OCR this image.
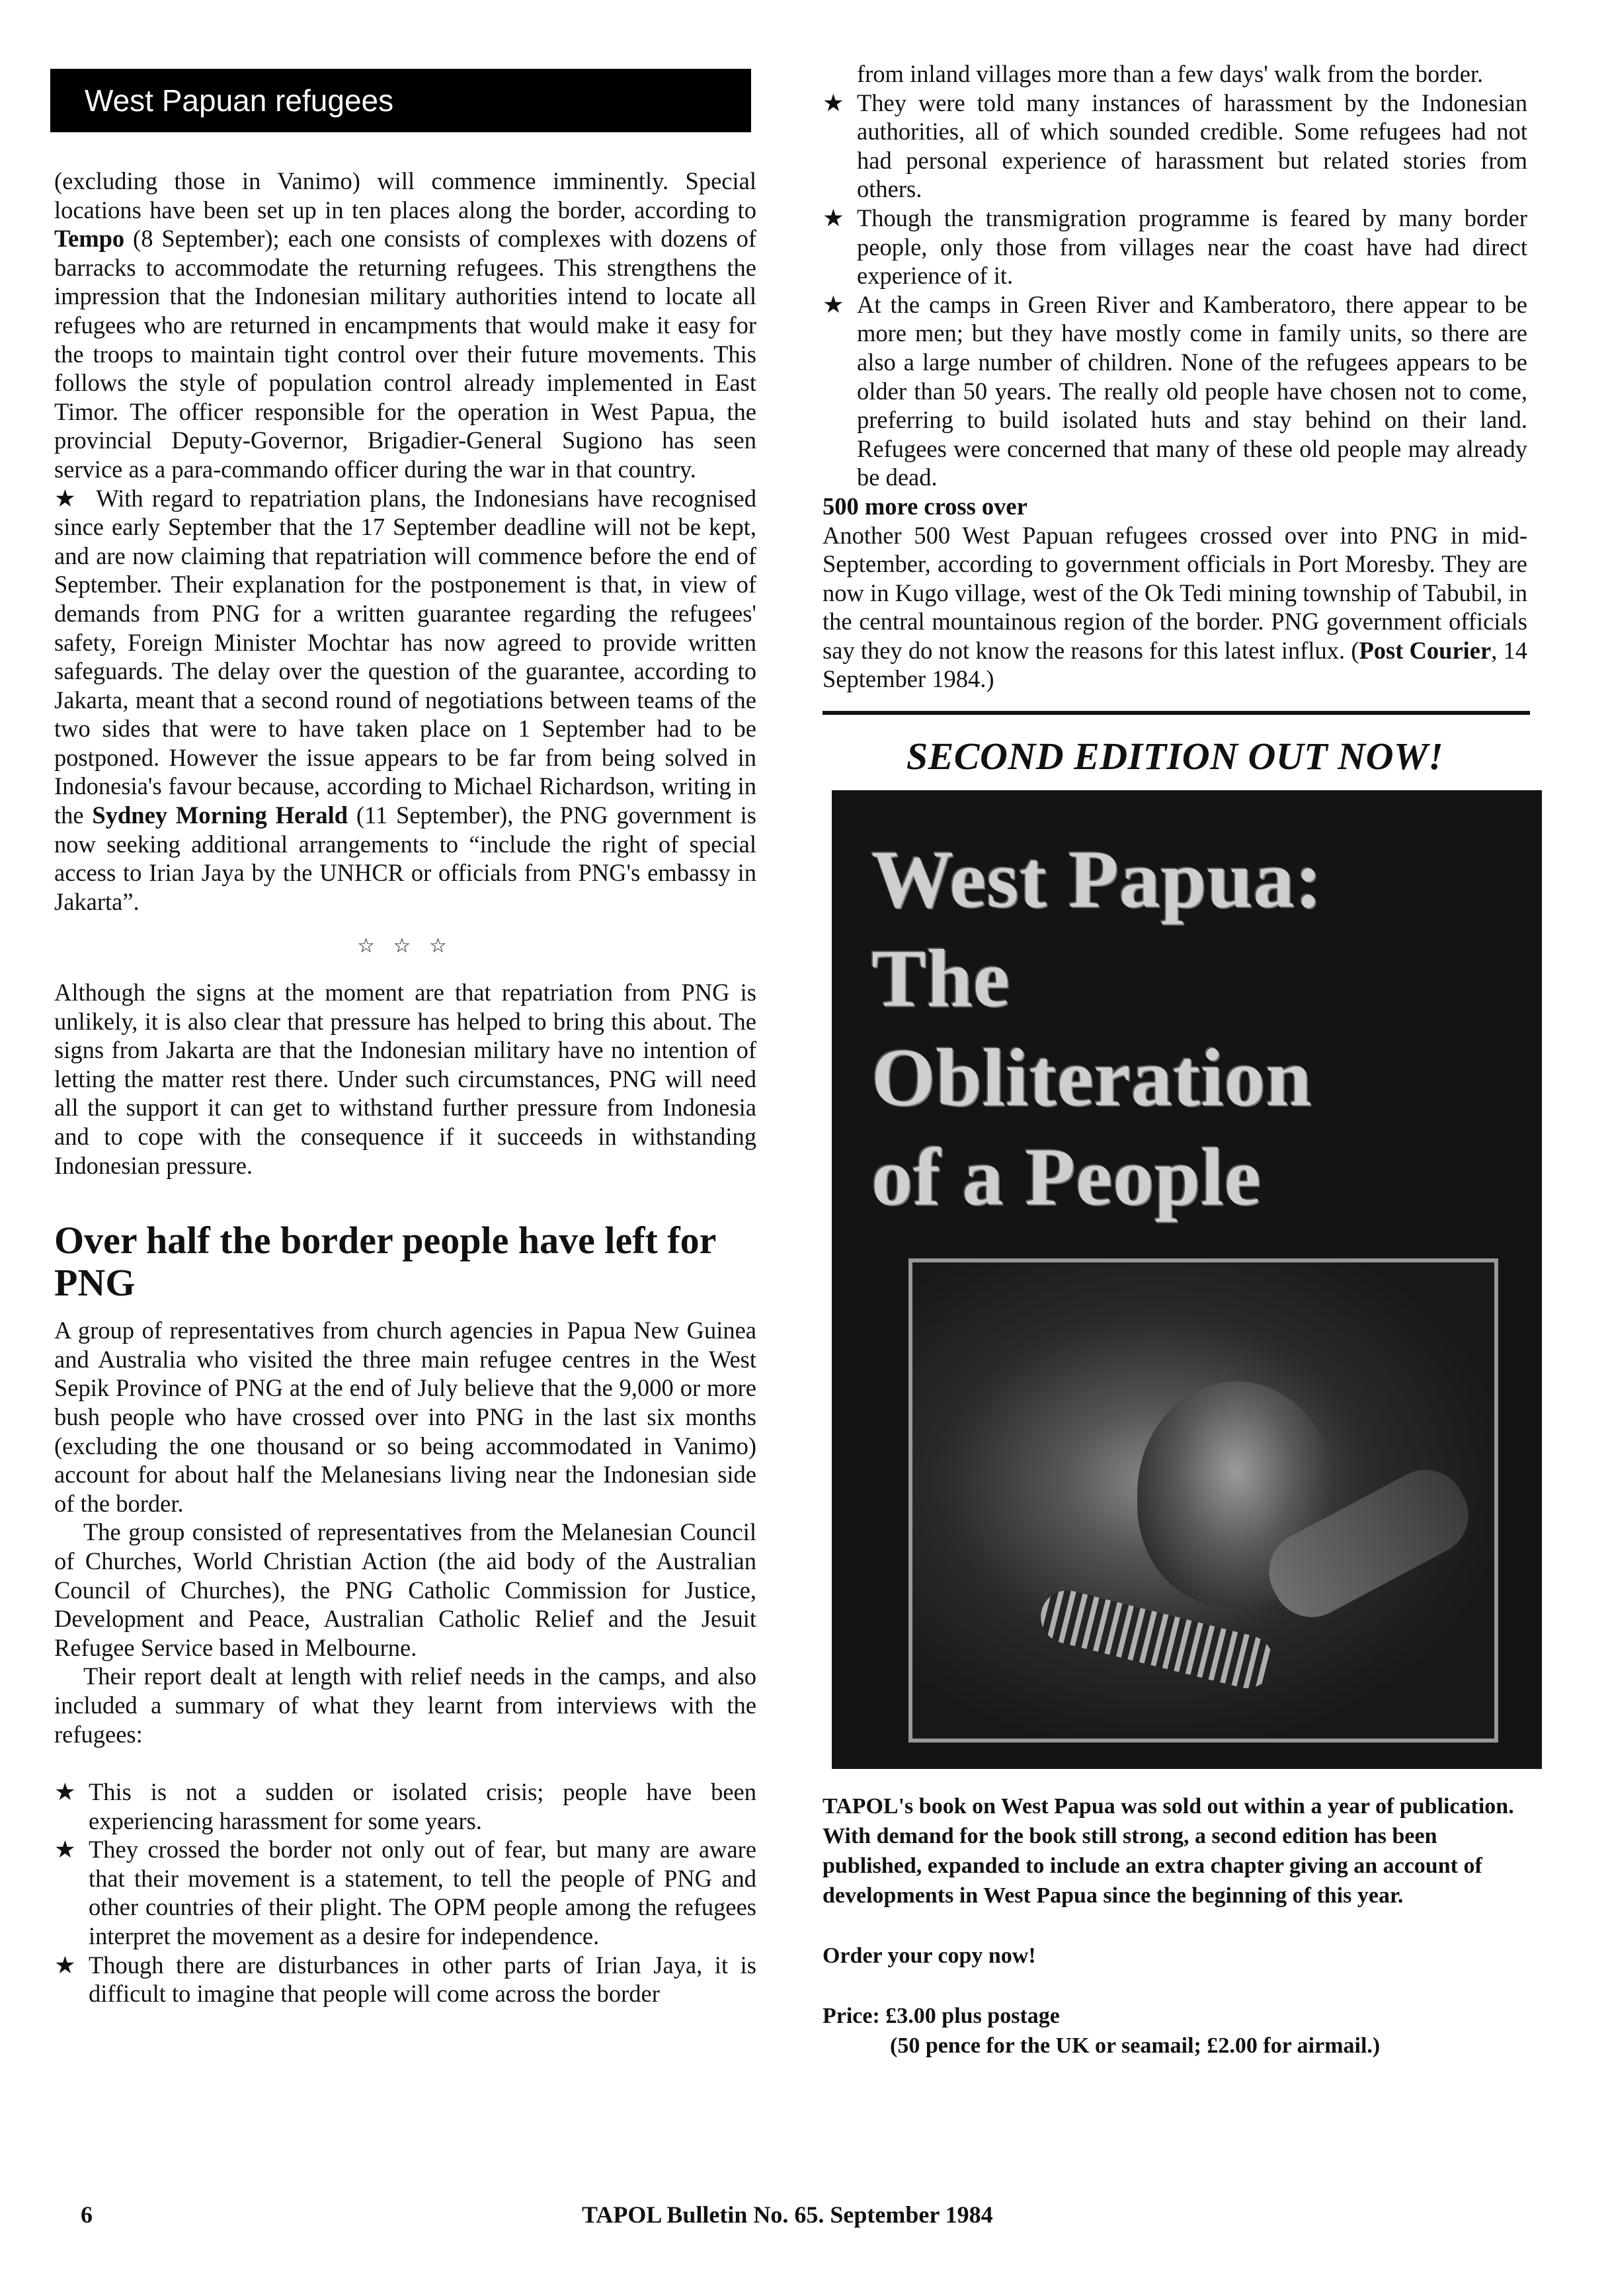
West Papuan refugees

(excluding those in Vanimo) will commence imminently. Special locations have been set up in ten places along the border, according to Tempo (8 September); each one consists of complexes with dozens of barracks to accommodate the returning refugees. This strengthens the impression that the Indonesian military authorities intend to locate all refugees who are returned in encampments that would make it easy for the troops to maintain tight control over their future movements. This follows the style of population control already implemented in East Timor. The officer responsible for the operation in West Papua, the provincial Deputy-Governor, Brigadier-General Sugiono has seen service as a para-commando officer during the war in that country.

★ With regard to repatriation plans, the Indonesians have recognised since early September that the 17 September deadline will not be kept, and are now claiming that repatriation will commence before the end of September. Their explanation for the postponement is that, in view of demands from PNG for a written guarantee regarding the refugees' safety, Foreign Minister Mochtar has now agreed to provide written safeguards. The delay over the question of the guarantee, according to Jakarta, meant that a second round of negotiations between teams of the two sides that were to have taken place on 1 September had to be postponed. However the issue appears to be far from being solved in Indonesia's favour because, according to Michael Richardson, writing in the Sydney Morning Herald (11 September), the PNG government is now seeking additional arrangements to “include the right of special access to Irian Jaya by the UNHCR or officials from PNG's embassy in Jakarta”.

☆ ☆ ☆

Although the signs at the moment are that repatriation from PNG is unlikely, it is also clear that pressure has helped to bring this about. The signs from Jakarta are that the Indonesian military have no intention of letting the matter rest there. Under such circumstances, PNG will need all the support it can get to withstand further pressure from Indonesia and to cope with the consequence if it succeeds in withstanding Indonesian pressure.

Over half the border people have left for PNG

A group of representatives from church agencies in Papua New Guinea and Australia who visited the three main refugee centres in the West Sepik Province of PNG at the end of July believe that the 9,000 or more bush people who have crossed over into PNG in the last six months (excluding the one thousand or so being accommodated in Vanimo) account for about half the Melanesians living near the Indonesian side of the border.

The group consisted of representatives from the Melanesian Council of Churches, World Christian Action (the aid body of the Australian Council of Churches), the PNG Catholic Commission for Justice, Development and Peace, Australian Catholic Relief and the Jesuit Refugee Service based in Melbourne.

Their report dealt at length with relief needs in the camps, and also included a summary of what they learnt from interviews with the refugees:

★ This is not a sudden or isolated crisis; people have been experiencing harassment for some years.

★ They crossed the border not only out of fear, but many are aware that their movement is a statement, to tell the people of PNG and other countries of their plight. The OPM people among the refugees interpret the movement as a desire for independence.

★ Though there are disturbances in other parts of Irian Jaya, it is difficult to imagine that people will come across the border

from inland villages more than a few days' walk from the border.

★ They were told many instances of harassment by the Indonesian authorities, all of which sounded credible. Some refugees had not had personal experience of harassment but related stories from others.

★ Though the transmigration programme is feared by many border people, only those from villages near the coast have had direct experience of it.

★ At the camps in Green River and Kamberatoro, there appear to be more men; but they have mostly come in family units, so there are also a large number of children. None of the refugees appears to be older than 50 years. The really old people have chosen not to come, preferring to build isolated huts and stay behind on their land. Refugees were concerned that many of these old people may already be dead.

500 more cross over

Another 500 West Papuan refugees crossed over into PNG in mid-September, according to government officials in Port Moresby. They are now in Kugo village, west of the Ok Tedi mining township of Tabubil, in the central mountainous region of the border. PNG government officials say they do not know the reasons for this latest influx. (Post Courier, 14 September 1984.)

SECOND EDITION OUT NOW!
West Papua:
The
Obliteration
of a People

TAPOL's book on West Papua was sold out within a year of publication. With demand for the book still strong, a second edition has been published, expanded to include an extra chapter giving an account of developments in West Papua since the beginning of this year.

Order your copy now!

Price: £3.00 plus postage

(50 pence for the UK or seamail; £2.00 for airmail.)

6	TAPOL Bulletin No. 65. September 1984
